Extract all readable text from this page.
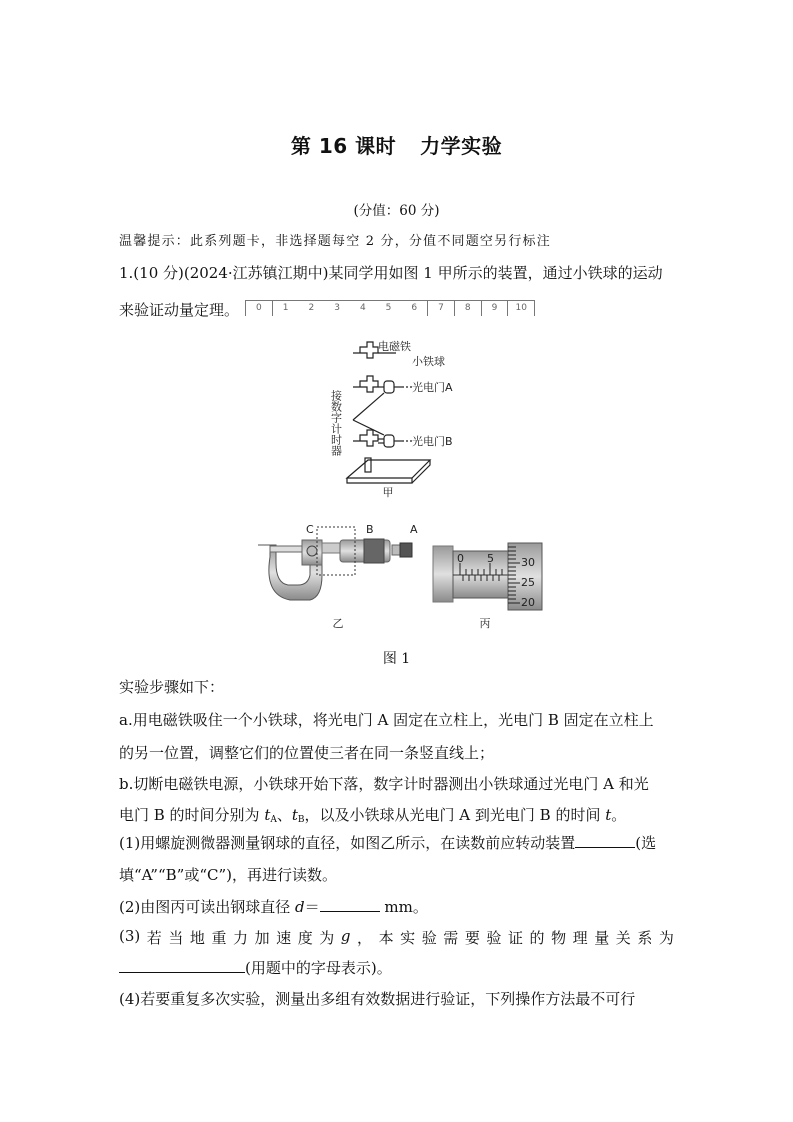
第 16 课时 力学实验
(分值：60 分)
温馨提示：此系列题卡，非选择题每空 2 分，分值不同题空另行标注
1.(10 分)(2024·江苏镇江期中)某同学用如图 1 甲所示的装置，通过小铁球的运动
来验证动量定理。	0	1	2	3	4	5	6	7	8	9	10
电磁铁
小铁球
光电门A
光电门B
接数字计时器
甲
C	B	A
乙
0 5 30
25
20
丙
图 1
实验步骤如下：
a.用电磁铁吸住一个小铁球，将光电门 A 固定在立柱上，光电门 B 固定在立柱上
的另一位置，调整它们的位置使三者在同一条竖直线上；
b.切断电磁铁电源，小铁球开始下落，数字计时器测出小铁球通过光电门 A 和光
电门 B 的时间分别为 $t_A$、$t_B$，以及小铁球从光电门 A 到光电门 B 的时间 t。
(1)用螺旋测微器测量钢球的直径，如图乙所示，在读数前应转动装置	(选
填“A”“B”或“C”)，再进行读数。
(2)由图丙可读出钢球直径 d＝	mm。
(3) 若 当 地 重 力 加 速 度 为 g ， 本 实 验 需 要 验 证 的 物 理 量 关 系 为
(用题中的字母表示)。
(4)若要重复多次实验，测量出多组有效数据进行验证，下列操作方法最不可行
